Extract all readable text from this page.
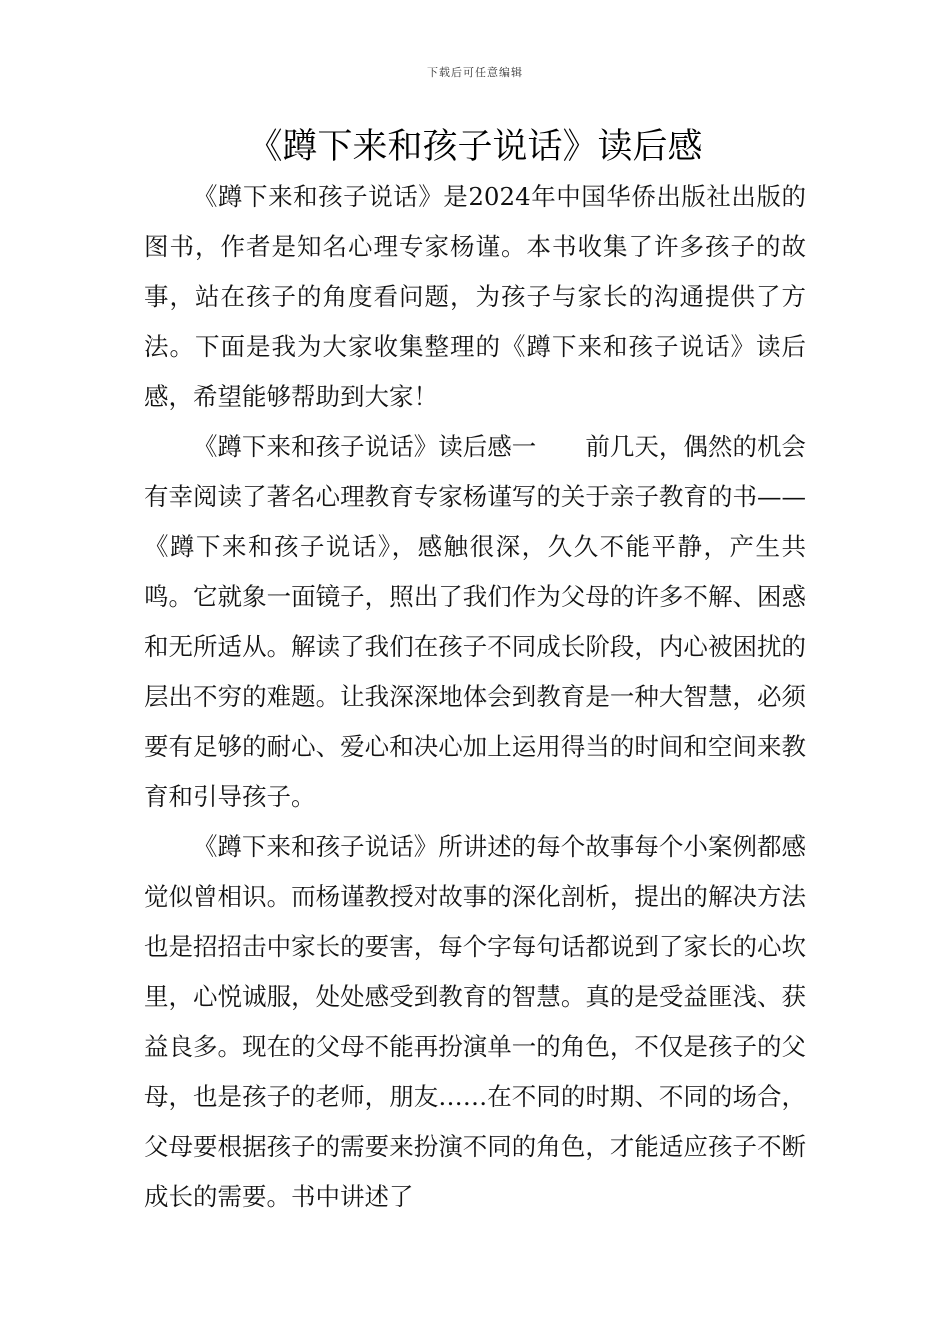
下载后可任意编辑
《蹲下来和孩子说话》读后感

《蹲下来和孩子说话》是2024年中国华侨出版社出版的图书，作者是知名心理专家杨谨。本书收集了许多孩子的故事，站在孩子的角度看问题，为孩子与家长的沟通提供了方法。下面是我为大家收集整理的《蹲下来和孩子说话》读后感，希望能够帮助到大家！

《蹲下来和孩子说话》读后感一　　前几天，偶然的机会有幸阅读了著名心理教育专家杨谨写的关于亲子教育的书——《蹲下来和孩子说话》，感触很深，久久不能平静，产生共鸣。它就象一面镜子，照出了我们作为父母的许多不解、困惑和无所适从。解读了我们在孩子不同成长阶段，内心被困扰的层出不穷的难题。让我深深地体会到教育是一种大智慧，必须要有足够的耐心、爱心和决心加上运用得当的时间和空间来教育和引导孩子。

《蹲下来和孩子说话》所讲述的每个故事每个小案例都感觉似曾相识。而杨谨教授对故事的深化剖析，提出的解决方法也是招招击中家长的要害，每个字每句话都说到了家长的心坎里，心悦诚服，处处感受到教育的智慧。真的是受益匪浅、获益良多。现在的父母不能再扮演单一的角色，不仅是孩子的父母，也是孩子的老师，朋友……在不同的时期、不同的场合，父母要根据孩子的需要来扮演不同的角色，才能适应孩子不断成长的需要。书中讲述了
